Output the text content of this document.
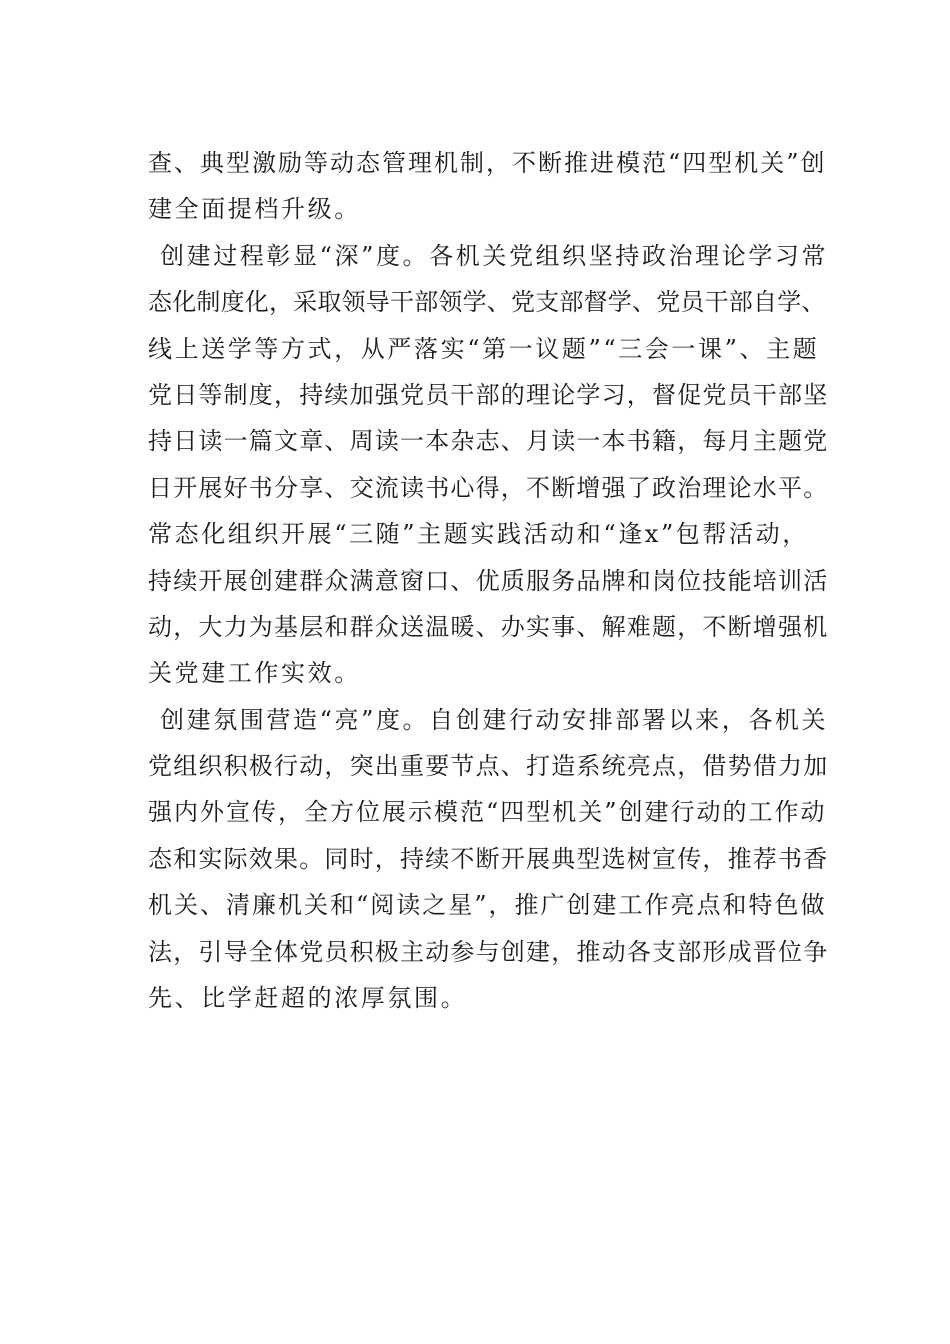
查、典型激励等动态管理机制，不断推进模范“四型机关”创
建全面提档升级。
创建过程彰显“深”度。各机关党组织坚持政治理论学习常
态化制度化，采取领导干部领学、党支部督学、党员干部自学、
线上送学等方式，从严落实“第一议题”“三会一课”、主题
党日等制度，持续加强党员干部的理论学习，督促党员干部坚
持日读一篇文章、周读一本杂志、月读一本书籍，每月主题党
日开展好书分享、交流读书心得，不断增强了政治理论水平。
常态化组织开展“三随”主题实践活动和“逢x”包帮活动，
持续开展创建群众满意窗口、优质服务品牌和岗位技能培训活
动，大力为基层和群众送温暖、办实事、解难题，不断增强机
关党建工作实效。
创建氛围营造“亮”度。自创建行动安排部署以来，各机关
党组织积极行动，突出重要节点、打造系统亮点，借势借力加
强内外宣传，全方位展示模范“四型机关”创建行动的工作动
态和实际效果。同时，持续不断开展典型选树宣传，推荐书香
机关、清廉机关和“阅读之星”，推广创建工作亮点和特色做
法，引导全体党员积极主动参与创建，推动各支部形成晋位争
先、比学赶超的浓厚氛围。
